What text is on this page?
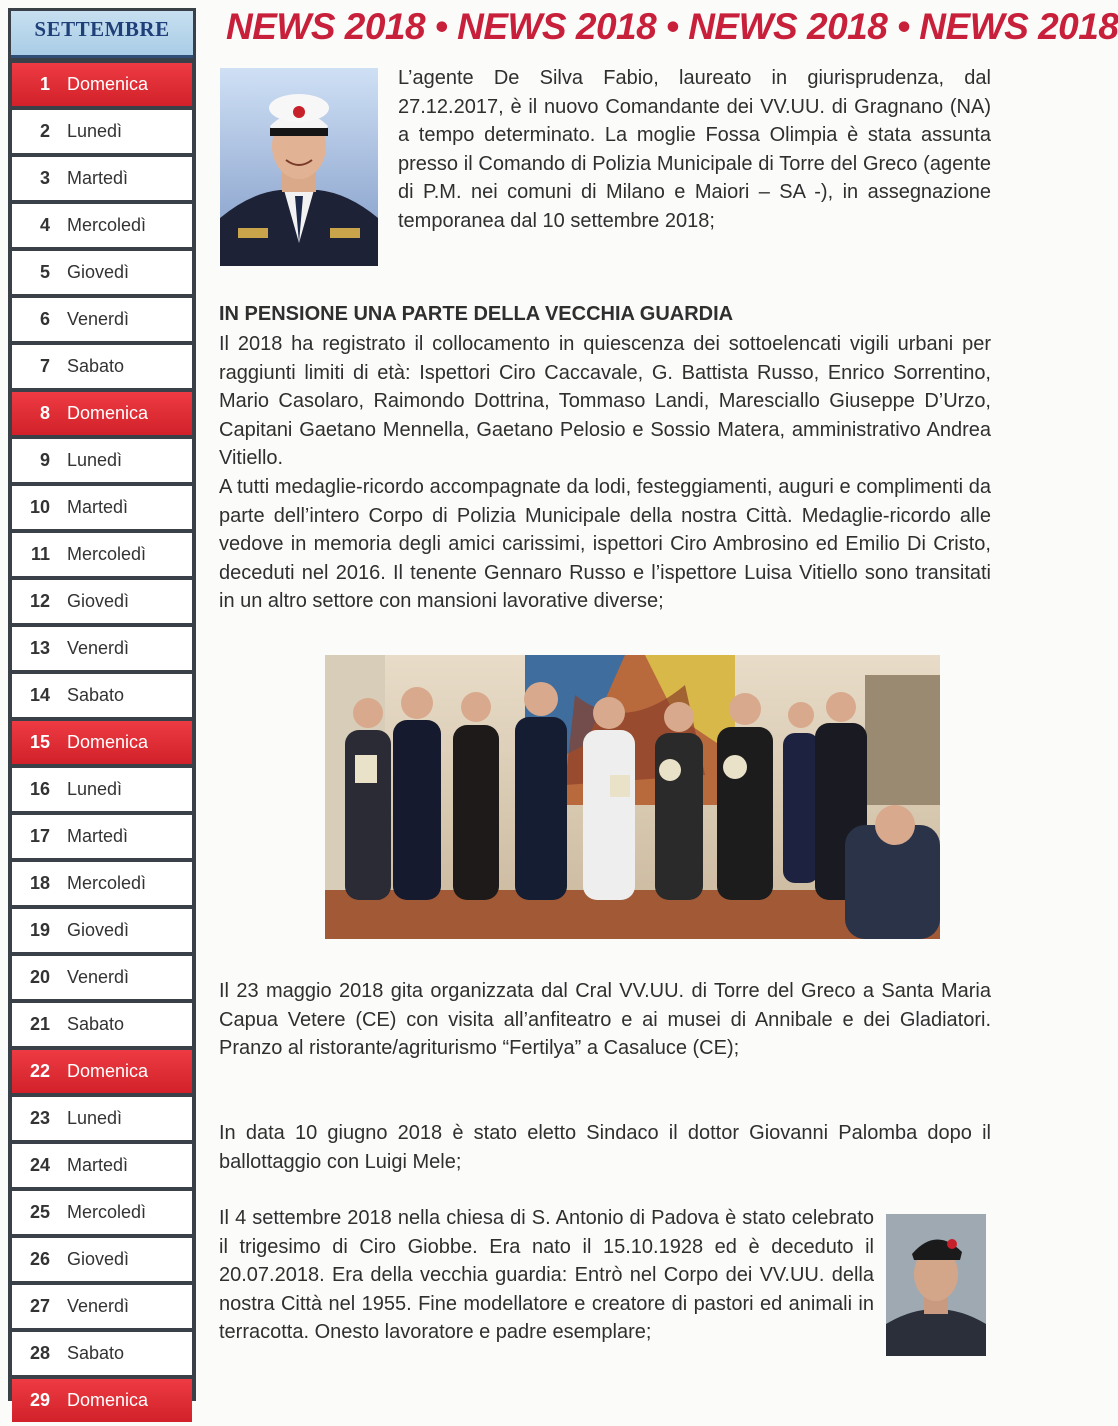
SETTEMBRE
1 Domenica
2 Lunedì
3 Martedì
4 Mercoledì
5 Giovedì
6 Venerdì
7 Sabato
8 Domenica
9 Lunedì
10 Martedì
11 Mercoledì
12 Giovedì
13 Venerdì
14 Sabato
15 Domenica
16 Lunedì
17 Martedì
18 Mercoledì
19 Giovedì
20 Venerdì
21 Sabato
22 Domenica
23 Lunedì
24 Martedì
25 Mercoledì
26 Giovedì
27 Venerdì
28 Sabato
29 Domenica
NEWS 2018 • NEWS 2018 • NEWS 2018 • NEWS 2018
L’agente De Silva Fabio, laureato in giurisprudenza, dal 27.12.2017, è il nuovo Comandante dei VV.UU. di Gragnano (NA) a tempo determinato. La moglie Fossa Olimpia è stata assunta presso il Comando di Polizia Municipale di Torre del Greco (agente di P.M. nei comuni di Milano e Maiori – SA -), in assegnazione temporanea dal 10 settembre 2018;
IN PENSIONE UNA PARTE DELLA VECCHIA GUARDIA
Il 2018 ha registrato il collocamento in quiescenza dei sottoelencati vigili urbani per raggiunti limiti di età: Ispettori Ciro Caccavale, G. Battista Russo, Enrico Sorrentino, Mario Casolaro, Raimondo Dottrina, Tommaso Landi, Maresciallo Giuseppe D’Urzo, Capitani Gaetano Mennella, Gaetano Pelosio e Sossio Matera, amministrativo Andrea Vitiello.
A tutti medaglie-ricordo accompagnate da lodi, festeggiamenti, auguri e complimenti da parte dell’intero Corpo di Polizia Municipale della nostra Città. Medaglie-ricordo alle vedove in memoria degli amici carissimi, ispettori Ciro Ambrosino ed Emilio Di Cristo, deceduti nel 2016. Il tenente Gennaro Russo e l’ispettore Luisa Vitiello sono transitati in un altro settore con mansioni lavorative diverse;
Il 23 maggio 2018 gita organizzata dal Cral VV.UU. di Torre del Greco a Santa Maria Capua Vetere (CE) con visita all’anfiteatro e ai musei di Annibale e dei Gladiatori. Pranzo al ristorante/agriturismo “Fertilya” a Casaluce (CE);
In data 10 giugno 2018 è stato eletto Sindaco il dottor Giovanni Palomba dopo il ballottaggio con Luigi Mele;
Il 4 settembre 2018 nella chiesa di S. Antonio di Padova è stato celebrato il trigesimo di Ciro Giobbe. Era nato il 15.10.1928 ed è deceduto il 20.07.2018. Era della vecchia guardia: Entrò nel Corpo dei VV.UU. della nostra Città nel 1955. Fine modellatore e creatore di pastori ed animali in terracotta. Onesto lavoratore e padre esemplare;
